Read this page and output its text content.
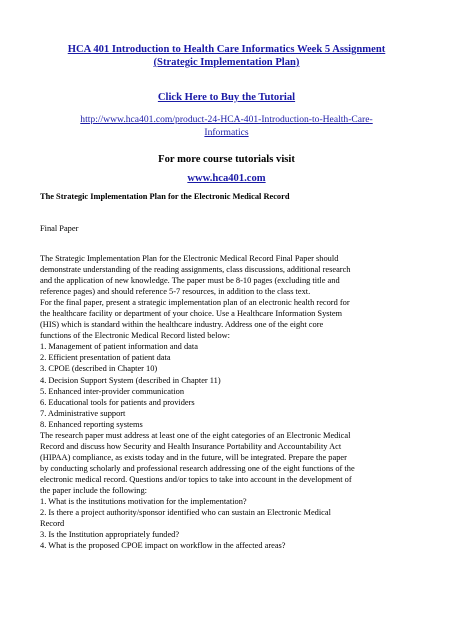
HCA 401 Introduction to Health Care Informatics Week 5 Assignment
(Strategic Implementation Plan)
Click Here to Buy the Tutorial
http://www.hca401.com/product-24-HCA-401-Introduction-to-Health-Care-
Informatics
For more course tutorials visit
www.hca401.com
The Strategic Implementation Plan for the Electronic Medical Record
Final Paper
The Strategic Implementation Plan for the Electronic Medical Record Final Paper should
demonstrate understanding of the reading assignments, class discussions, additional research
and the application of new knowledge. The paper must be 8-10 pages (excluding title and
reference pages) and should reference 5-7 resources, in addition to the class text.
For the final paper, present a strategic implementation plan of an electronic health record for
the healthcare facility or department of your choice. Use a Healthcare Information System
(HIS) which is standard within the healthcare industry. Address one of the eight core
functions of the Electronic Medical Record listed below:
1. Management of patient information and data
2. Efficient presentation of patient data
3. CPOE (described in Chapter 10)
4. Decision Support System (described in Chapter 11)
5. Enhanced inter-provider communication
6. Educational tools for patients and providers
7. Administrative support
8. Enhanced reporting systems
The research paper must address at least one of the eight categories of an Electronic Medical
Record and discuss how Security and Health Insurance Portability and Accountability Act
(HIPAA) compliance, as exists today and in the future, will be integrated. Prepare the paper
by conducting scholarly and professional research addressing one of the eight functions of the
electronic medical record. Questions and/or topics to take into account in the development of
the paper include the following:
1. What is the institutions motivation for the implementation?
2. Is there a project authority/sponsor identified who can sustain an Electronic Medical
Record
3. Is the Institution appropriately funded?
4. What is the proposed CPOE impact on workflow in the affected areas?
